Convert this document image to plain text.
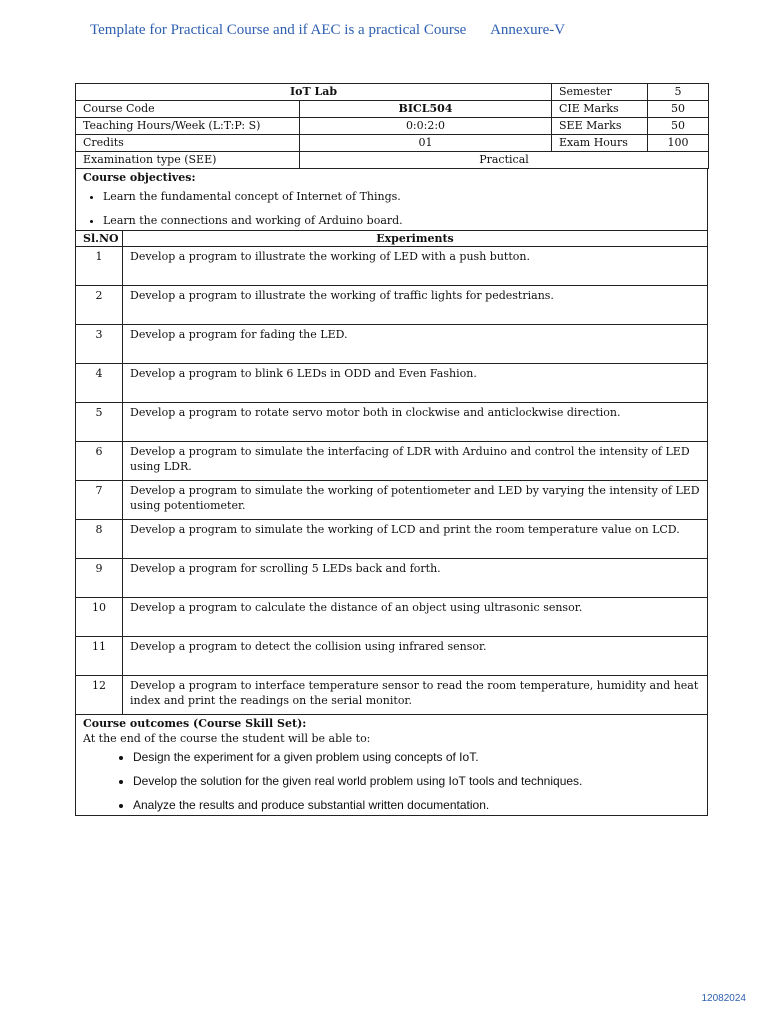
Template for Practical Course and if AEC is a practical Course Annexure-V
IoT Lab		Semester	5
Course Code	BICL504	CIE Marks	50
Teaching Hours/Week (L:T:P: S)	0:0:2:0	SEE Marks	50
Credits	01	Exam Hours	100
Examination type (SEE)	Practical		
Course objectives:
• Learn the fundamental concept of Internet of Things.
• Learn the connections and working of Arduino board.
Sl.NO	Experiments
1	Develop a program to illustrate the working of LED with a push button.
2	Develop a program to illustrate the working of traffic lights for pedestrians.
3	Develop a program for fading the LED.
4	Develop a program to blink 6 LEDs in ODD and Even Fashion.
5	Develop a program to rotate servo motor both in clockwise and anticlockwise direction.
6	Develop a program to simulate the interfacing of LDR with Arduino and control the intensity of LED using LDR.
7	Develop a program to simulate the working of potentiometer and LED by varying the intensity of LED using potentiometer.
8	Develop a program to simulate the working of LCD and print the room temperature value on LCD.
9	Develop a program for scrolling 5 LEDs back and forth.
10	Develop a program to calculate the distance of an object using ultrasonic sensor.
11	Develop a program to detect the collision using infrared sensor.
12	Develop a program to interface temperature sensor to read the room temperature, humidity and heat index and print the readings on the serial monitor.
Course outcomes (Course Skill Set):
At the end of the course the student will be able to:
• Design the experiment for a given problem using concepts of IoT.
• Develop the solution for the given real world problem using IoT tools and techniques.
• Analyze the results and produce substantial written documentation.
12082024
